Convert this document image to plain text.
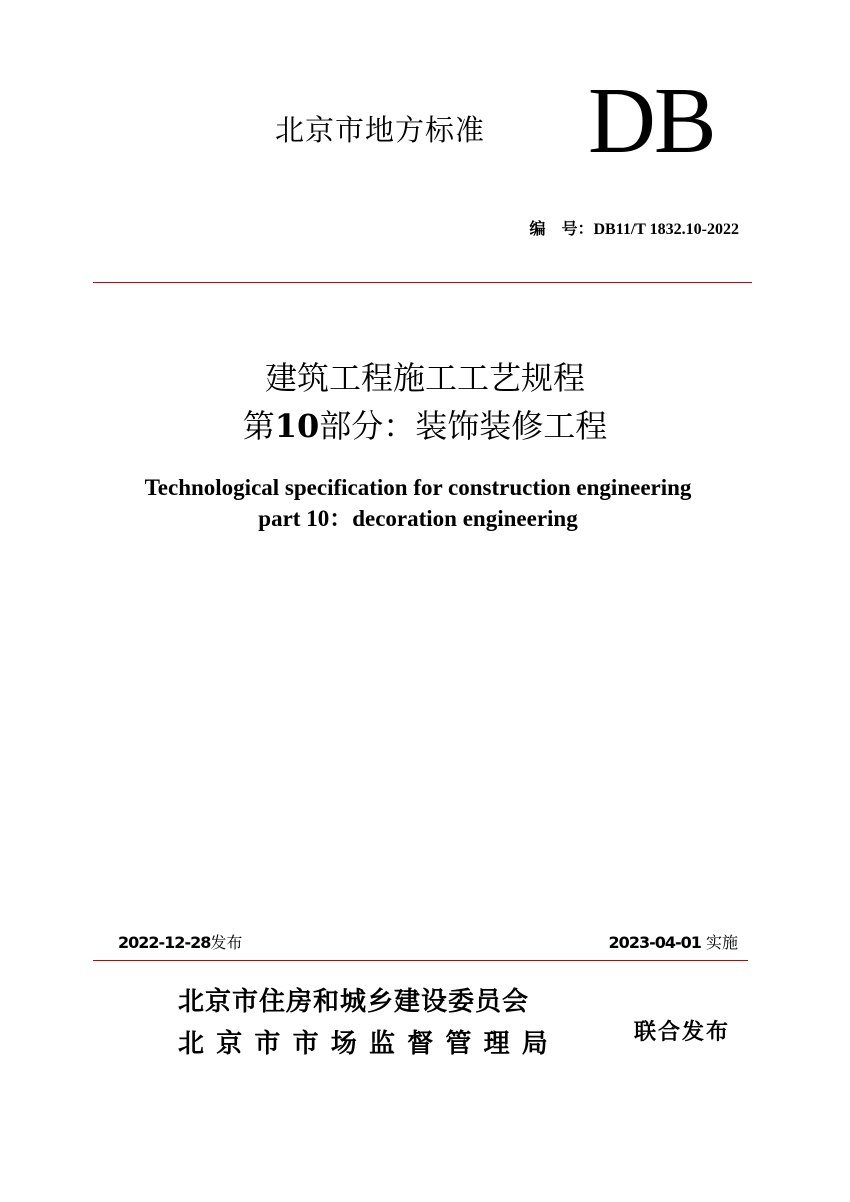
北京市地方标准 DB
编　号：DB11/T 1832.10-2022
建筑工程施工工艺规程
第10部分：装饰装修工程
Technological specification for construction engineering
part 10：decoration engineering
2022-12-28发布	2023-04-01 实施
北京市住房和城乡建设委员会
北京市市场监督管理局	联合发布
